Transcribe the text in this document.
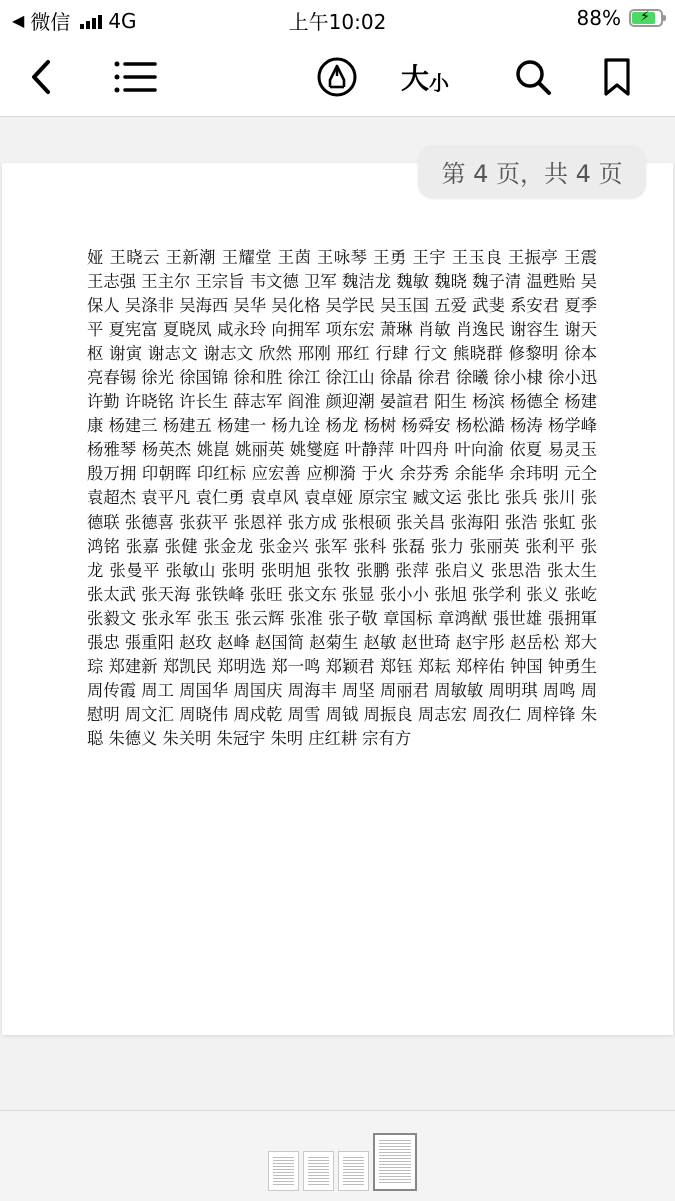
◀ 微信 4G	上午10:02	88% ⚡
大 小
娅 王晓云 王新潮 王耀堂 王茵 王咏琴 王勇 王宇 王玉良 王振亭 王震 王志强 王主尔 王宗旨 韦文德 卫军 魏洁龙 魏敏 魏晓 魏子清 温甦贻 吴保人 吴涤非 吴海西 吴华 吴化格 吴学民 吴玉国 五爱 武斐 系安君 夏季平 夏宪富 夏晓凤 咸永玲 向拥军 项东宏 萧琳 肖敏 肖逸民 谢容生 谢天枢 谢寅 谢志文 谢志文 欣然 邢刚 邢红 行肆 行文 熊晓群 修黎明 徐本亮春锡 徐光 徐国锦 徐和胜 徐江 徐江山 徐晶 徐君 徐曦 徐小棣 徐小迅 许勤 许晓铭 许长生 薛志军 阎淮 颜迎潮 晏諠君 阳生 杨滨 杨德全 杨建康 杨建三 杨建五 杨建一 杨九诠 杨龙 杨树 杨舜安 杨松澔 杨涛 杨学峰 杨雅琴 杨英杰 姚崑 姚丽英 姚燮庭 叶静萍 叶四舟 叶向渝 依夏 易灵玉 殷万拥 印朝晖 印红标 应宏善 应柳漪 于火 余芬秀 余能华 余玮明 元仝 袁超杰 袁平凡 袁仁勇 袁卓风 袁卓娅 原宗宝 臧文运 张比 张兵 张川 张德联 张德喜 张荻平 张恩祥 张方成 张根硕 张关昌 张海阳 张浩 张虹 张鸿铭 张嘉 张健 张金龙 张金兴 张军 张科 张磊 张力 张丽英 张利平 张龙 张曼平 张敏山 张明 张明旭 张牧 张鹏 张萍 张启义 张思浩 张太生 张太武 张天海 张铁峰 张旺 张文东 张显 张小小 张旭 张学利 张义 张屹 张毅文 张永军 张玉 张云辉 张准 张子敬 章国标 章鸿猷 張世雄 張拥軍 張忠 張重阳 赵玫 赵峰 赵国简 赵菊生 赵敏 赵世琦 赵宇彤 赵岳松 郑大琮 郑建新 郑凯民 郑明选 郑一鸣 郑颖君 郑钰 郑耘 郑梓佑 钟国 钟勇生 周传霞 周工 周国华 周国庆 周海丰 周坚 周丽君 周敏敏 周明琪 周鸣 周慰明 周文汇 周晓伟 周戍乾 周雪 周钺 周振良 周志宏 周孜仁 周梓锋 朱聪 朱德义 朱关明 朱冠宇 朱明 庄红耕 宗有方
第 4 页，共 4 页
